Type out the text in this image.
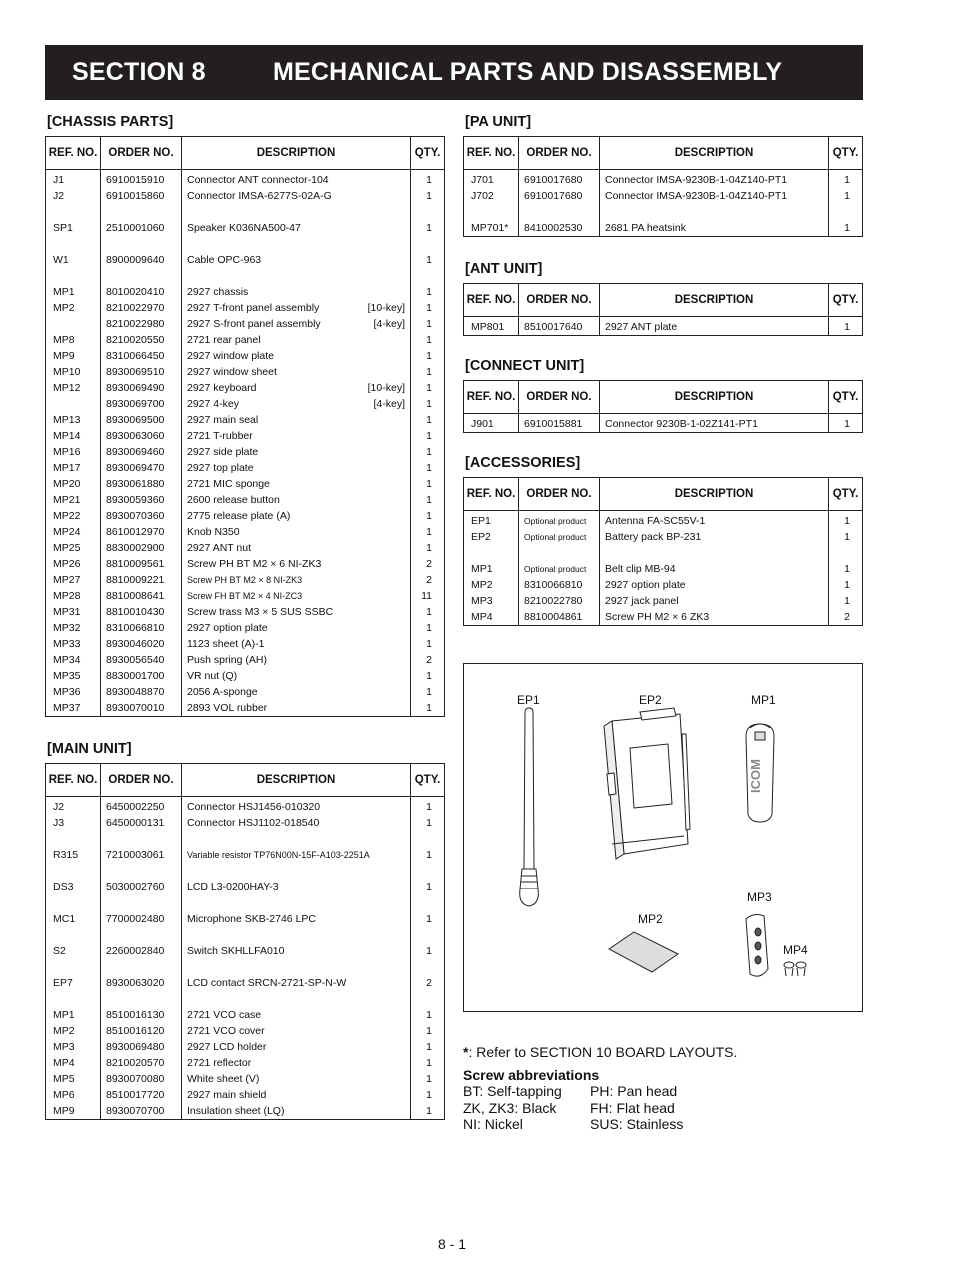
SECTION 8	MECHANICAL PARTS AND DISASSEMBLY
[CHASSIS PARTS]
REF. NO.	ORDER NO.	DESCRIPTION	QTY.
J1	6910015910	Connector ANT connector-104	1
J2	6910015860	Connector IMSA-6277S-02A-G	1

SP1	2510001060	Speaker K036NA500-47	1

W1	8900009640	Cable OPC-963	1

MP1	8010020410	2927 chassis	1
MP2	8210022970	2927 T-front panel assembly [10-key]	1
	8210022980	2927 S-front panel assembly [4-key]	1
MP8	8210020550	2721 rear panel	1
MP9	8310066450	2927 window plate	1
MP10	8930069510	2927 window sheet	1
MP12	8930069490	2927 keyboard [10-key]	1
	8930069700	2927 4-key [4-key]	1
MP13	8930069500	2927 main seal	1
MP14	8930063060	2721 T-rubber	1
MP16	8930069460	2927 side plate	1
MP17	8930069470	2927 top plate	1
MP20	8930061880	2721 MIC sponge	1
MP21	8930059360	2600 release button	1
MP22	8930070360	2775 release plate (A)	1
MP24	8610012970	Knob N350	1
MP25	8830002900	2927 ANT nut	1
MP26	8810009561	Screw PH BT M2 × 6 NI-ZK3	2
MP27	8810009221	Screw PH BT M2 × 8 NI-ZK3	2
MP28	8810008641	Screw FH BT M2 × 4 NI-ZC3	11
MP31	8810010430	Screw trass M3 × 5 SUS SSBC	1
MP32	8310066810	2927 option plate	1
MP33	8930046020	1123 sheet (A)-1	1
MP34	8930056540	Push spring (AH)	2
MP35	8830001700	VR nut (Q)	1
MP36	8930048870	2056 A-sponge	1
MP37	8930070010	2893 VOL rubber	1
[MAIN UNIT]
REF. NO.	ORDER NO.	DESCRIPTION	QTY.
J2	6450002250	Connector HSJ1456-010320	1
J3	6450000131	Connector HSJ1102-018540	1

R315	7210003061	Variable resistor TP76N00N-15F-A103-2251A	1

DS3	5030002760	LCD L3-0200HAY-3	1

MC1	7700002480	Microphone SKB-2746 LPC	1

S2	2260002840	Switch SKHLLFA010	1

EP7	8930063020	LCD contact SRCN-2721-SP-N-W	2

MP1	8510016130	2721 VCO case	1
MP2	8510016120	2721 VCO cover	1
MP3	8930069480	2927 LCD holder	1
MP4	8210020570	2721 reflector	1
MP5	8930070080	White sheet (V)	1
MP6	8510017720	2927 main shield	1
MP9	8930070700	Insulation sheet (LQ)	1
[PA UNIT]
REF. NO.	ORDER NO.	DESCRIPTION	QTY.
J701	6910017680	Connector IMSA-9230B-1-04Z140-PT1	1
J702	6910017680	Connector IMSA-9230B-1-04Z140-PT1	1

MP701*	8410002530	2681 PA heatsink	1
[ANT UNIT]
REF. NO.	ORDER NO.	DESCRIPTION	QTY.
MP801	8510017640	2927 ANT plate	1
[CONNECT UNIT]
REF. NO.	ORDER NO.	DESCRIPTION	QTY.
J901	6910015881	Connector 9230B-1-02Z141-PT1	1
[ACCESSORIES]
REF. NO.	ORDER NO.	DESCRIPTION	QTY.
EP1	Optional product	Antenna FA-SC55V-1	1
EP2	Optional product	Battery pack BP-231	1

MP1	Optional product	Belt clip MB-94	1
MP2	8310066810	2927 option plate	1
MP3	8210022780	2927 jack panel	1
MP4	8810004861	Screw PH M2 × 6 ZK3	2
EP1	EP2	MP1
MP2
MP3
MP4
ICOM
*: Refer to SECTION 10 BOARD LAYOUTS.
Screw abbreviations
BT: Self-tapping	PH: Pan head
ZK, ZK3: Black	FH: Flat head
NI: Nickel	SUS: Stainless
8 - 1
